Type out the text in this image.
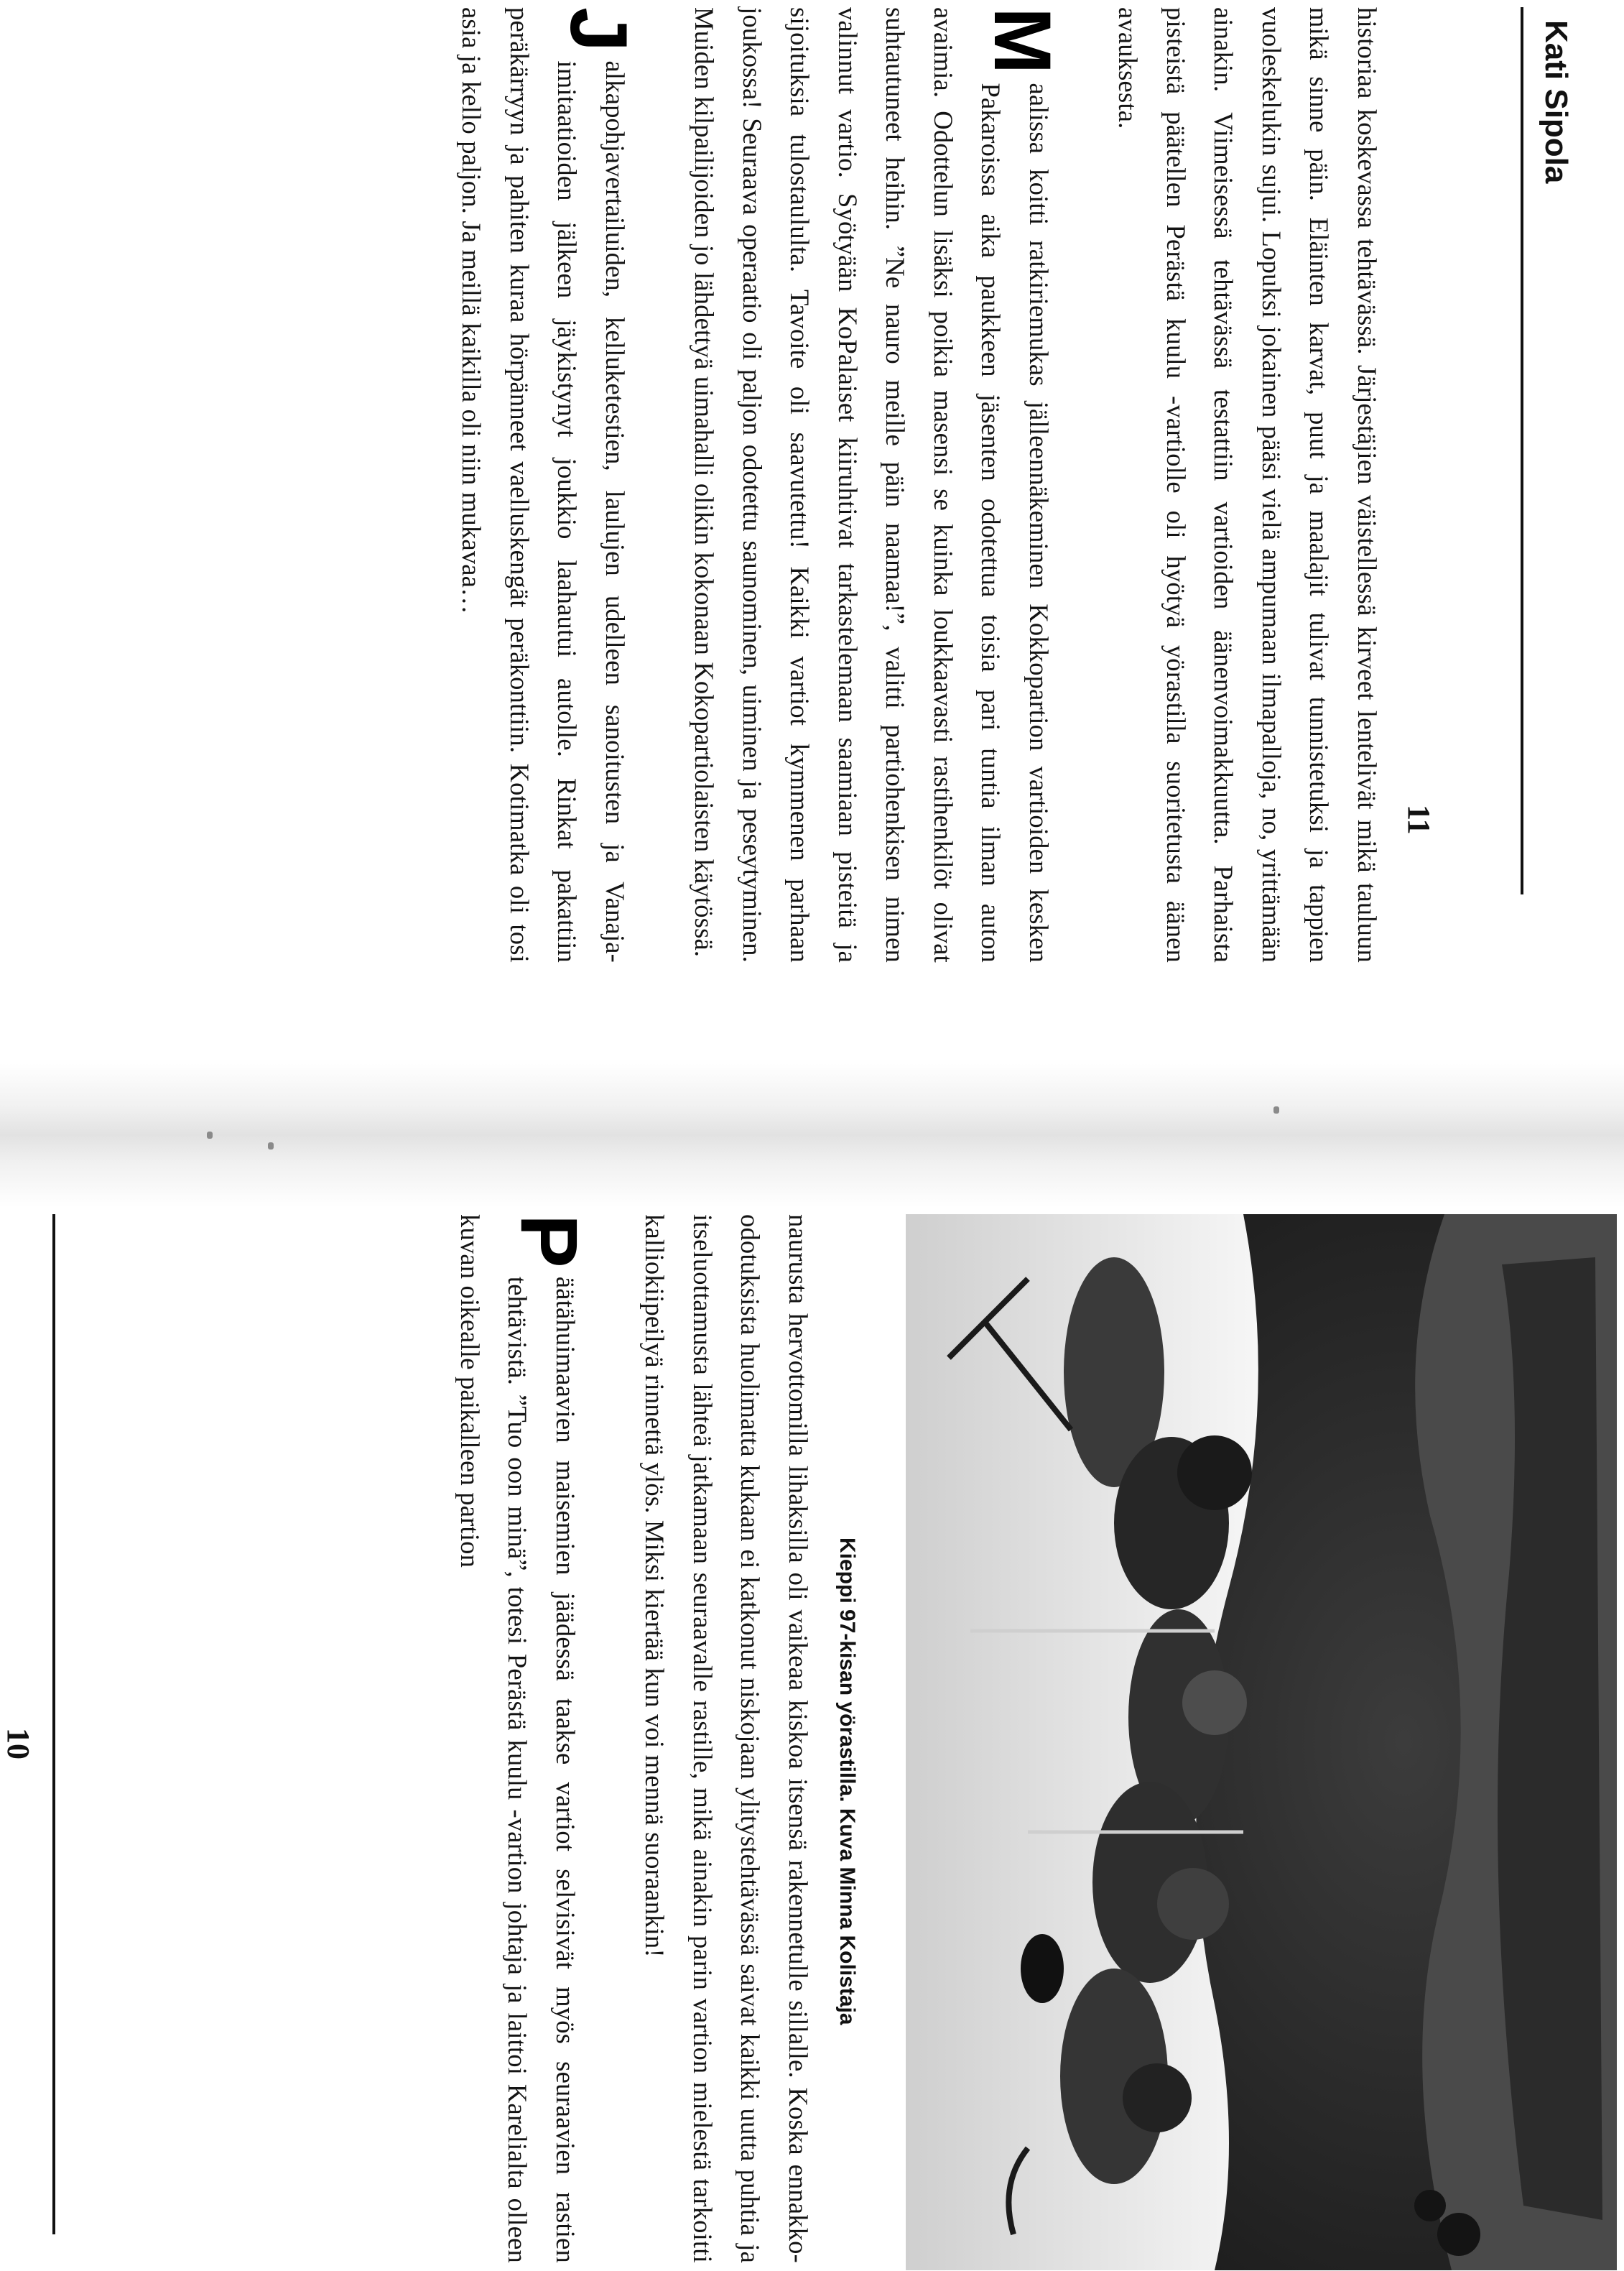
Kati Sipola
11

historiaa koskevassa tehtävässä. Järjestäjien väistellessä kirveet lentelivät mikä tauluun mikä sinne päin. Eläinten karvat, puut ja maalajit tulivat tunnistetuksi ja tappien vuoleskelukin sujui. Lopuksi jokainen pääsi vielä ampumaan ilmapalloja, no, yrittämään ainakin. Viimeisessä tehtävässä testattiin vartioiden äänenvoimakkuutta. Parhaista pisteistä päätellen Perästä kuulu -vartiolle oli hyötyä yörastilla suoritetusta äänen avauksesta.

M
aalissa koitti ratkiriemukas jälleennäkeminen Kokkopartion vartioiden kesken Pakaroissa aika paukkeen jäsenten odotettua toisia pari tuntia ilman auton avaimia. Odottelun lisäksi poikia masensi se kuinka loukkaavasti rastihenkilöt olivat suhtautuneet heihin. ”Ne nauro meille päin naamaa!”, valitti partiohenkisen nimen valinnut vartio. Syötyään KoPalaiset kiiruhtivat tarkastelemaan saamiaan pisteitä ja sijoituksia tulostaululta. Tavoite oli saavutettu! Kaikki vartiot kymmenen parhaan joukossa! Seuraava operaatio oli paljon odotettu saunominen, uiminen ja peseytyminen. Muiden kilpailijoiden jo lähdettyä uimahalli olikin kokonaan Kokopartiolaisten käytössä.

J
alkapohjavertailuiden, kelluketestien, laulujen udelleen sanoitusten ja Vanaja-imitaatioiden jälkeen jäykistynyt joukkio laahautui autolle. Rinkat pakattiin peräkärryyn ja pahiten kuraa hörpänneet vaelluskengät peräkonttiin. Kotimatka oli tosi asia ja kello paljon. Ja meillä kaikilla oli niin mukavaa…

Kieppi 97-kisan yörastilla. Kuva Minna Kolistaja

naurusta hervottomilla lihaksilla oli vaikeaa kiskoa itsensä rakennetulle sillalle. Koska ennakko-odotuksista huolimatta kukaan ei katkonut niskojaan ylitystehtävässä saivat kaikki uutta puhtia ja itseluottamusta lähteä jatkamaan seuraavalle rastille, mikä ainakin parin vartion mielestä tarkoitti kalliokiipeilyä rinnettä ylös. Miksi kiertää kun voi mennä suoraankin!

P
äätähuimaavien maisemien jäädessä taakse vartiot selvisivät myös seuraavien rastien tehtävistä. ”Tuo oon minä”, totesi Perästä kuulu -vartion johtaja ja laittoi Karelialta olleen kuvan oikealle paikalleen partion

10
